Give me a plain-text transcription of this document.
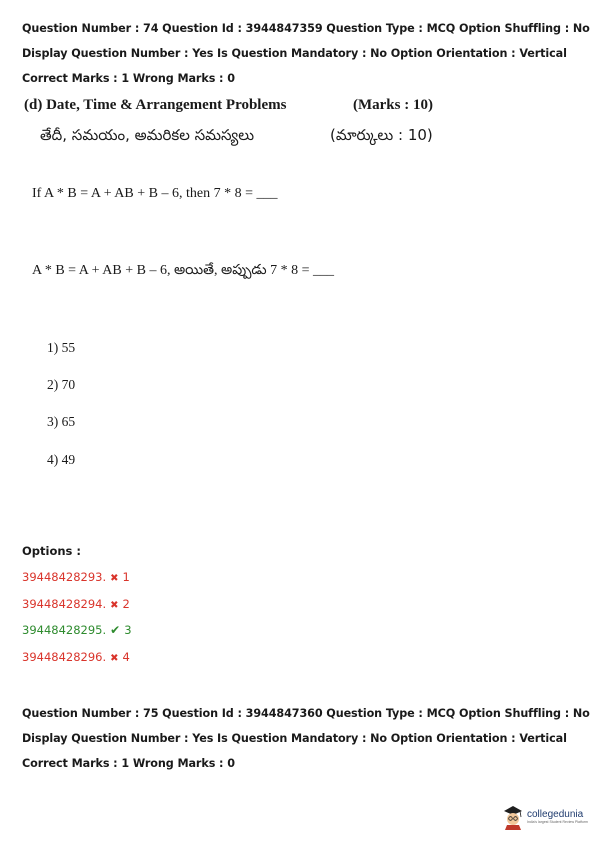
Question Number : 74 Question Id : 3944847359 Question Type : MCQ Option Shuffling : No
Display Question Number : Yes Is Question Mandatory : No Option Orientation : Vertical
Correct Marks : 1 Wrong Marks : 0
(d) Date, Time & Arrangement Problems	(Marks : 10)
తేదీ, సమయం, అమరికల సమస్యలు	(మార్కులు : 10)
If A * B = A + AB + B – 6, then 7 * 8 = ___
A * B = A + AB + B – 6, అయితే, అప్పుడు 7 * 8 = ___
1) 55
2) 70
3) 65
4) 49
Options :
39448428293. ✖ 1
39448428294. ✖ 2
39448428295. ✔ 3
39448428296. ✖ 4
Question Number : 75 Question Id : 3944847360 Question Type : MCQ Option Shuffling : No
Display Question Number : Yes Is Question Mandatory : No Option Orientation : Vertical
Correct Marks : 1 Wrong Marks : 0
collegedunia
India's largest Student Review Platform
